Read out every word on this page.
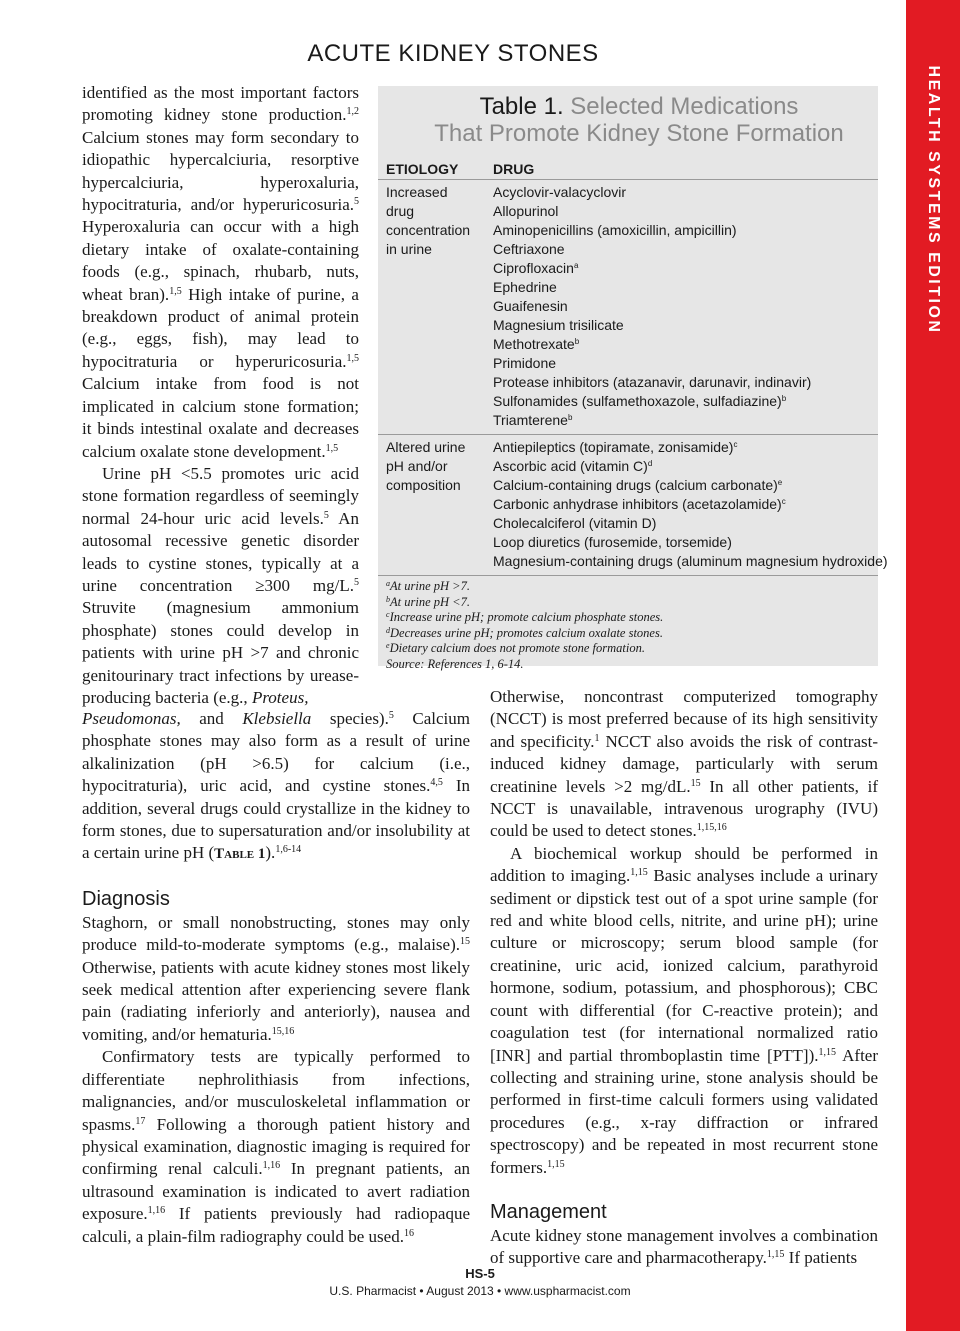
HEALTH SYSTEMS EDITION
ACUTE KIDNEY STONES

identified as the most important factors promoting kidney stone production.$^{1,2}$ Calcium stones may form secondary to idiopathic hypercalciuria, resorptive hypercalciuria, hyperoxaluria, hypocitraturia, and/or hyperuricosuria.$^5$ Hyperoxaluria can occur with a high dietary intake of oxalate-containing foods (e.g., spinach, rhubarb, nuts, wheat bran).$^{1,5}$ High intake of purine, a breakdown product of animal protein (e.g., eggs, fish), may lead to hypocitraturia or hyperuricosuria.$^{1,5}$ Calcium intake from food is not implicated in calcium stone formation; it binds intestinal oxalate and decreases calcium oxalate stone development.$^{1,5}$

Urine pH <5.5 promotes uric acid stone formation regardless of seemingly normal 24-hour uric acid levels.$^5$ An autosomal recessive genetic disorder leads to cystine stones, typically at a urine concentration ≥300 mg/L.$^5$ Struvite (magnesium ammonium phosphate) stones could develop in patients with urine pH >7 and chronic genitourinary tract infections by urease-producing bacteria (e.g., Proteus,

Table 1. Selected Medications
That Promote Kidney Stone Formation
ETIOLOGY DRUG
Increased
drug
concentration
in urine
Acyclovir-valacyclovir
Allopurinol
Aminopenicillins (amoxicillin, ampicillin)
Ceftriaxone
Ciprofloxacin$^a$
Ephedrine
Guaifenesin
Magnesium trisilicate
Methotrexate$^b$
Primidone
Protease inhibitors (atazanavir, darunavir, indinavir)
Sulfonamides (sulfamethoxazole, sulfadiazine)$^b$
Triamterene$^b$
Altered urine
pH and/or
composition
Antiepileptics (topiramate, zonisamide)$^c$
Ascorbic acid (vitamin C)$^d$
Calcium-containing drugs (calcium carbonate)$^e$
Carbonic anhydrase inhibitors (acetazolamide)$^c$
Cholecalciferol (vitamin D)
Loop diuretics (furosemide, torsemide)
Magnesium-containing drugs (aluminum magnesium hydroxide)
$^a$At urine pH >7.
$^b$At urine pH <7.
$^c$Increase urine pH; promote calcium phosphate stones.
$^d$Decreases urine pH; promotes calcium oxalate stones.
$^e$Dietary calcium does not promote stone formation.
Source: References 1, 6-14.

Pseudomonas, and Klebsiella species).$^5$ Calcium phosphate stones may also form as a result of urine alkalinization (pH >6.5) for calcium (i.e., hypocitraturia), uric acid, and cystine stones.$^{4,5}$ In addition, several drugs could crystallize in the kidney to form stones, due to supersaturation and/or insolubility at a certain urine pH (Table 1).$^{1,6-14}$

Diagnosis

Staghorn, or small nonobstructing, stones may only produce mild-to-moderate symptoms (e.g., malaise).$^{15}$ Otherwise, patients with acute kidney stones most likely seek medical attention after experiencing severe flank pain (radiating inferiorly and anteriorly), nausea and vomiting, and/or hematuria.$^{15,16}$

Confirmatory tests are typically performed to differentiate nephrolithiasis from infections, malignancies, and/or musculoskeletal inflammation or spasms.$^{17}$ Following a thorough patient history and physical examination, diagnostic imaging is required for confirming renal calculi.$^{1,16}$ In pregnant patients, an ultrasound examination is indicated to avert radiation exposure.$^{1,16}$ If patients previously had radiopaque calculi, a plain-film radiography could be used.$^{16}$

Otherwise, noncontrast computerized tomography (NCCT) is most preferred because of its high sensitivity and specificity.$^1$ NCCT also avoids the risk of contrast-induced kidney damage, particularly with serum creatinine levels >2 mg/dL.$^{15}$ In all other patients, if NCCT is unavailable, intravenous urography (IVU) could be used to detect stones.$^{1,15,16}$

A biochemical workup should be performed in addition to imaging.$^{1,15}$ Basic analyses include a urinary sediment or dipstick test out of a spot urine sample (for red and white blood cells, nitrite, and urine pH); urine culture or microscopy; serum blood sample (for creatinine, uric acid, ionized calcium, parathyroid hormone, sodium, potassium, and phosphorous); CBC count with differential (for C-reactive protein); and coagulation test (for international normalized ratio [INR] and partial thromboplastin time [PTT]).$^{1,15}$ After collecting and straining urine, stone analysis should be performed in first-time calculi formers using validated procedures (e.g., x-ray diffraction or infrared spectroscopy) and be repeated in most recurrent stone formers.$^{1,15}$

Management

Acute kidney stone management involves a combination of supportive care and pharmacotherapy.$^{1,15}$ If patients

HS-5
U.S. Pharmacist • August 2013 • www.uspharmacist.com
